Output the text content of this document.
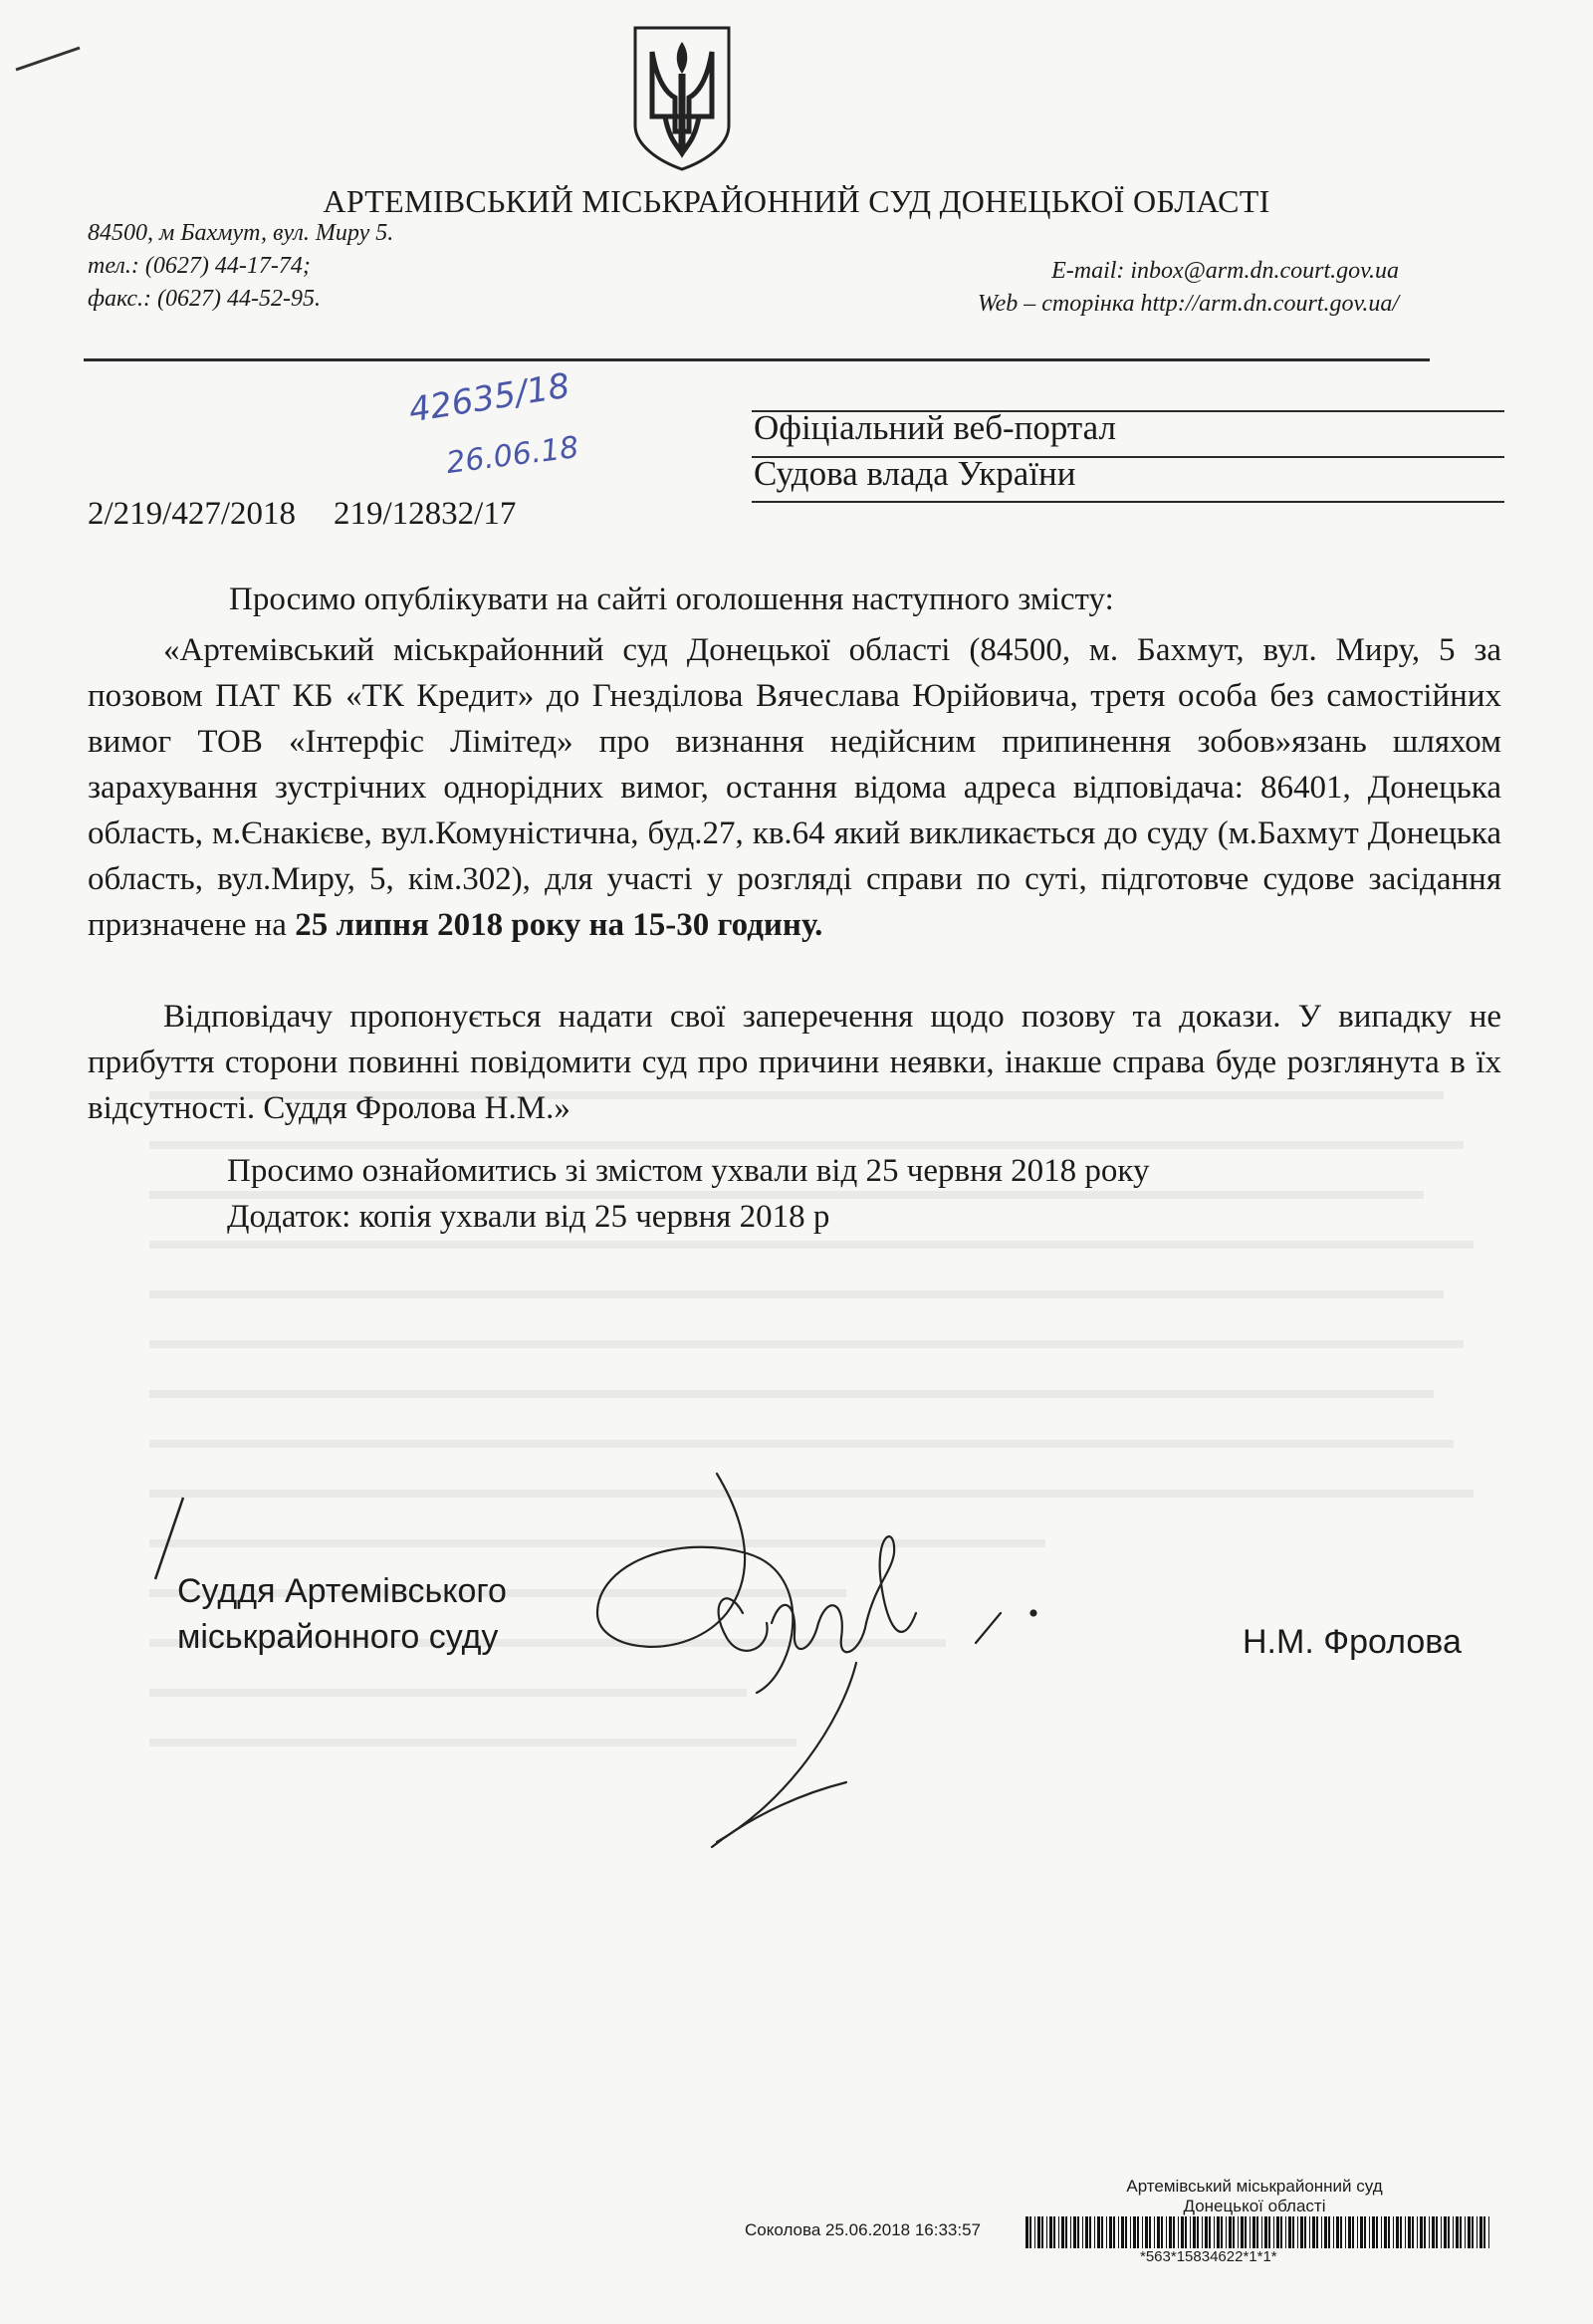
АРТЕМІВСЬКИЙ МІСЬКРАЙОННИЙ СУД ДОНЕЦЬКОЇ ОБЛАСТІ
84500, м Бахмут, вул. Миру 5.
тел.: (0627) 44-17-74;
факс.: (0627) 44-52-95.
E-mail: inbox@arm.dn.court.gov.ua
Web – сторінка http://arm.dn.court.gov.ua/
42635/18
26.06.18
Офіціальний веб-портал
Судова влада України
2/219/427/2018 219/12832/17
Просимо опублікувати на сайті оголошення наступного змісту:
«Артемівський міськрайонний суд Донецької області (84500, м. Бахмут, вул. Миру, 5 за позовом ПАТ КБ «ТК Кредит» до Гнезділова Вячеслава Юрійовича, третя особа без самостійних вимог ТОВ «Інтерфіс Лімітед» про визнання недійсним припинення зобов»язань шляхом зарахування зустрічних однорідних вимог, остання відома адреса відповідача: 86401, Донецька область, м.Єнакієве, вул.Комуністична, буд.27, кв.64 який викликається до суду (м.Бахмут Донецька область, вул.Миру, 5, кім.302), для участі у розгляді справи по суті, підготовче судове засідання призначене на 25 липня 2018 року на 15-30 годину.
Відповідачу пропонується надати свої заперечення щодо позову та докази. У випадку не прибуття сторони повинні повідомити суд про причини неявки, інакше справа буде розглянута в їх відсутності. Суддя Фролова Н.М.»
Просимо ознайомитись зі змістом ухвали від 25 червня 2018 року
Додаток: копія ухвали від 25 червня 2018 р
Суддя Артемівського
міськрайонного суду	Н.М. Фролова
Артемівський міськрайонний суд
Донецької області
Соколова 25.06.2018 16:33:57
*563*15834622*1*1*
